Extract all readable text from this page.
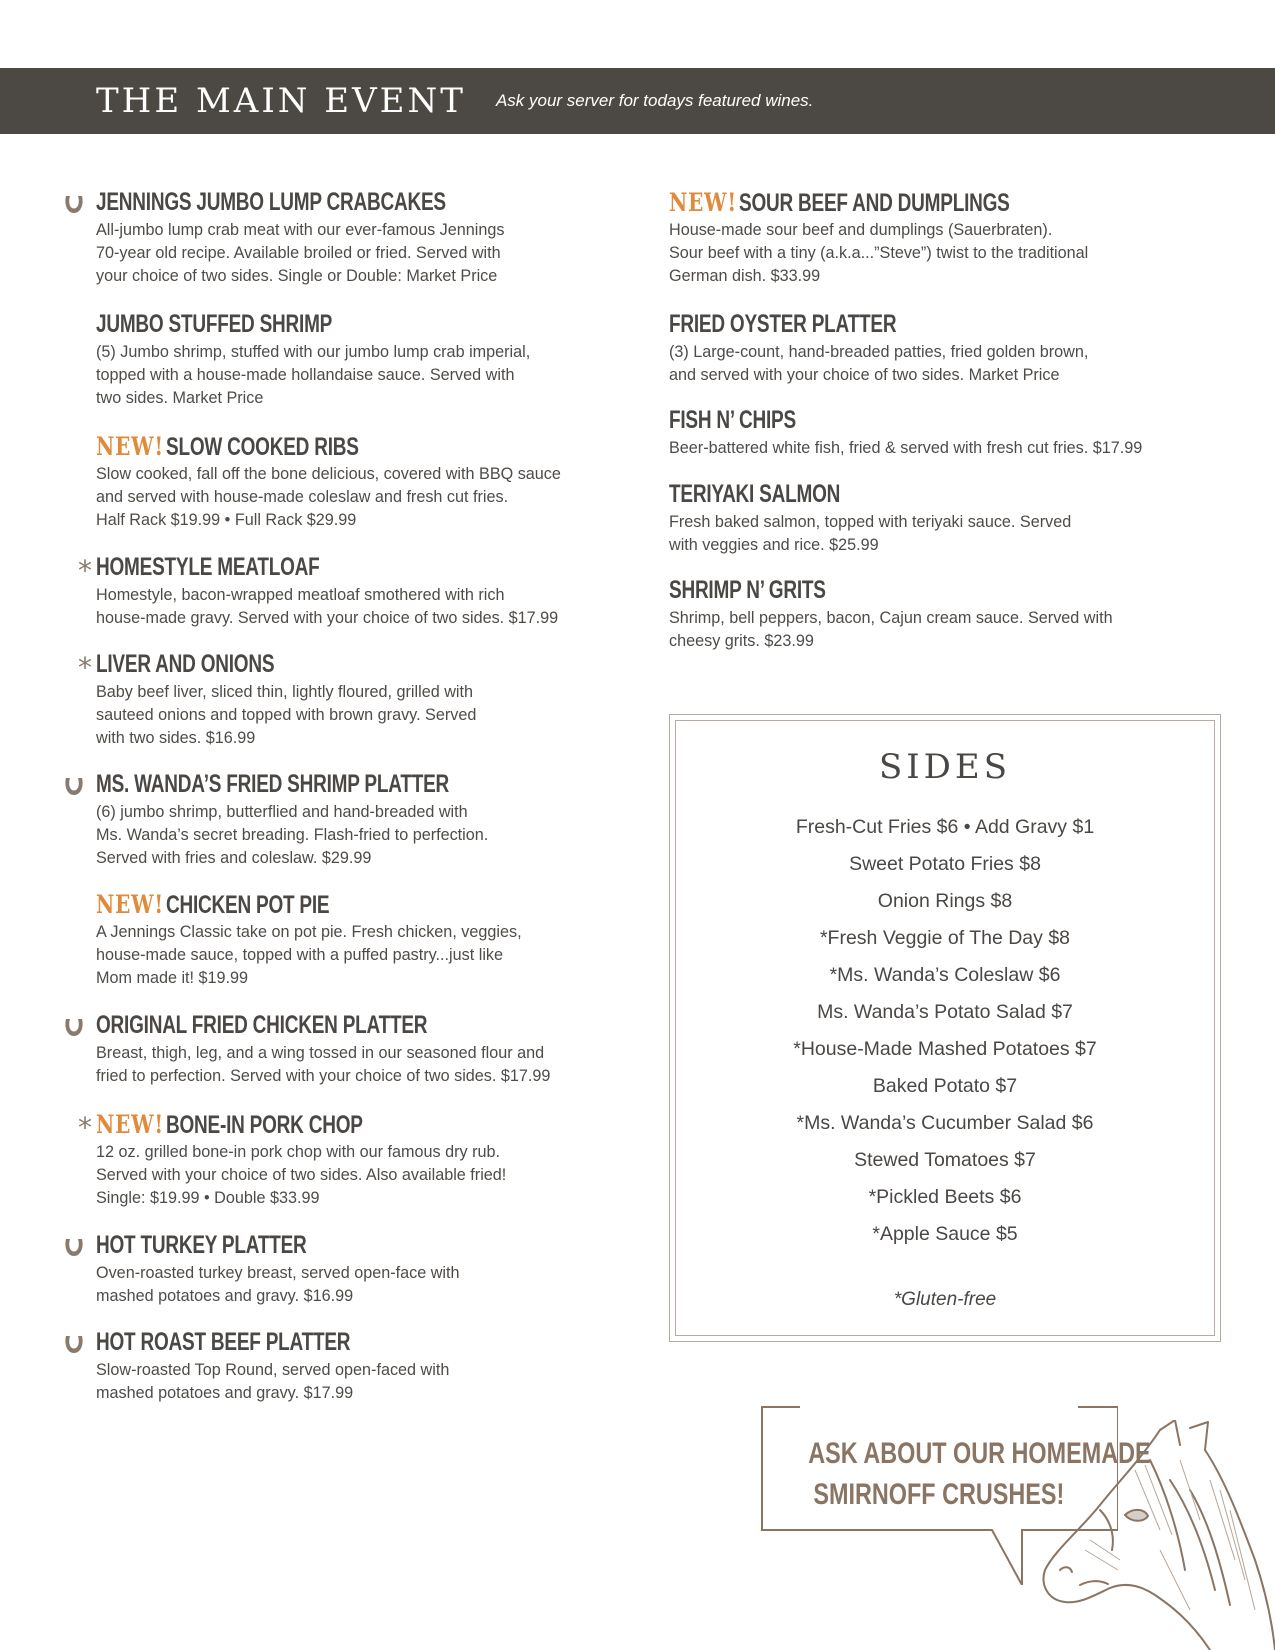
THE MAIN EVENT Ask your server for todays featured wines.
JENNINGS JUMBO LUMP CRABCAKES
All-jumbo lump crab meat with our ever-famous Jennings
70-year old recipe. Available broiled or fried. Served with
your choice of two sides. Single or Double: Market Price
JUMBO STUFFED SHRIMP
(5) Jumbo shrimp, stuffed with our jumbo lump crab imperial,
topped with a house-made hollandaise sauce. Served with
two sides. Market Price
NEW! SLOW COOKED RIBS
Slow cooked, fall off the bone delicious, covered with BBQ sauce
and served with house-made coleslaw and fresh cut fries.
Half Rack $19.99 • Full Rack $29.99
* HOMESTYLE MEATLOAF
Homestyle, bacon-wrapped meatloaf smothered with rich
house-made gravy. Served with your choice of two sides. $17.99
* LIVER AND ONIONS
Baby beef liver, sliced thin, lightly floured, grilled with
sauteed onions and topped with brown gravy. Served
with two sides. $16.99
MS. WANDA’S FRIED SHRIMP PLATTER
(6) jumbo shrimp, butterflied and hand-breaded with
Ms. Wanda’s secret breading. Flash-fried to perfection.
Served with fries and coleslaw. $29.99
NEW! CHICKEN POT PIE
A Jennings Classic take on pot pie. Fresh chicken, veggies,
house-made sauce, topped with a puffed pastry...just like
Mom made it! $19.99
ORIGINAL FRIED CHICKEN PLATTER
Breast, thigh, leg, and a wing tossed in our seasoned flour and
fried to perfection. Served with your choice of two sides. $17.99
* NEW! BONE-IN PORK CHOP
12 oz. grilled bone-in pork chop with our famous dry rub.
Served with your choice of two sides. Also available fried!
Single: $19.99 • Double $33.99
HOT TURKEY PLATTER
Oven-roasted turkey breast, served open-face with
mashed potatoes and gravy. $16.99
HOT ROAST BEEF PLATTER
Slow-roasted Top Round, served open-faced with
mashed potatoes and gravy. $17.99
NEW! SOUR BEEF AND DUMPLINGS
House-made sour beef and dumplings (Sauerbraten).
Sour beef with a tiny (a.k.a...”Steve”) twist to the traditional
German dish. $33.99
FRIED OYSTER PLATTER
(3) Large-count, hand-breaded patties, fried golden brown,
and served with your choice of two sides. Market Price
FISH N’ CHIPS
Beer-battered white fish, fried & served with fresh cut fries. $17.99
TERIYAKI SALMON
Fresh baked salmon, topped with teriyaki sauce. Served
with veggies and rice. $25.99
SHRIMP N’ GRITS
Shrimp, bell peppers, bacon, Cajun cream sauce. Served with
cheesy grits. $23.99
SIDES
Fresh-Cut Fries $6 • Add Gravy $1
Sweet Potato Fries $8
Onion Rings $8
*Fresh Veggie of The Day $8
*Ms. Wanda’s Coleslaw $6
Ms. Wanda’s Potato Salad $7
*House-Made Mashed Potatoes $7
Baked Potato $7
*Ms. Wanda’s Cucumber Salad $6
Stewed Tomatoes $7
*Pickled Beets $6
*Apple Sauce $5
*Gluten-free
ASK ABOUT OUR HOMEMADE
SMIRNOFF CRUSHES!
